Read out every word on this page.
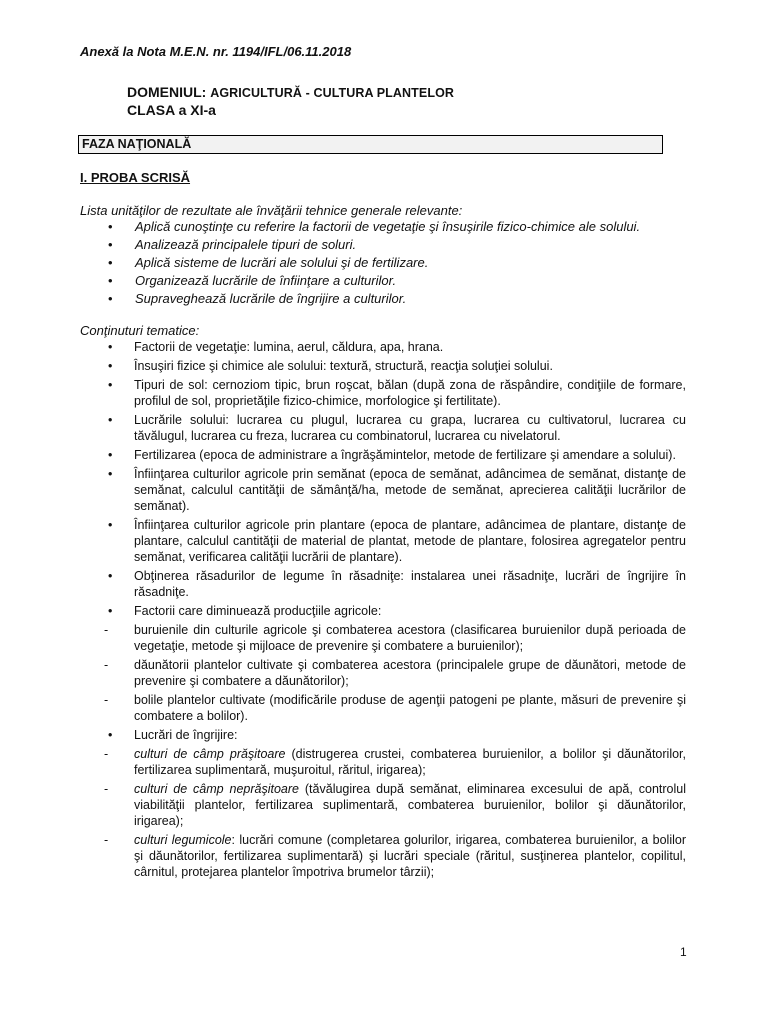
Anexă la Nota M.E.N. nr. 1194/IFL/06.11.2018
DOMENIUL: AGRICULTURĂ - CULTURA PLANTELOR
CLASA a XI-a
FAZA NAŢIONALĂ
I. PROBA SCRISĂ
Lista unităţilor de rezultate ale învăţării tehnice generale relevante:
• Aplică cunoştinţe cu referire la factorii de vegetaţie şi însuşirile fizico-chimice ale solului.
• Analizează principalele tipuri de soluri.
• Aplică sisteme de lucrări ale solului şi de fertilizare.
• Organizează lucrările de înfiinţare a culturilor.
• Supraveghează lucrările de îngrijire a culturilor.
Conţinuturi tematice:
• Factorii de vegetaţie: lumina, aerul, căldura, apa, hrana.
• Însuşiri fizice şi chimice ale solului: textură, structură, reacţia soluţiei solului.
• Tipuri de sol: cernoziom tipic, brun roşcat, bălan (după zona de răspândire, condiţiile de formare, profilul de sol, proprietăţile fizico-chimice, morfologice şi fertilitate).
• Lucrările solului: lucrarea cu plugul, lucrarea cu grapa, lucrarea cu cultivatorul, lucrarea cu tăvălugul, lucrarea cu freza, lucrarea cu combinatorul, lucrarea cu nivelatorul.
• Fertilizarea (epoca de administrare a îngrăşămintelor, metode de fertilizare şi amendare a solului).
• Înfiinţarea culturilor agricole prin semănat (epoca de semănat, adâncimea de semănat, distanţe de semănat, calculul cantităţii de sămânţă/ha, metode de semănat, aprecierea calităţii lucrărilor de semănat).
• Înfiinţarea culturilor agricole prin plantare (epoca de plantare, adâncimea de plantare, distanţe de plantare, calculul cantităţii de material de plantat, metode de plantare, folosirea agregatelor pentru semănat, verificarea calităţii lucrării de plantare).
• Obţinerea răsadurilor de legume în răsadniţe: instalarea unei răsadniţe, lucrări de îngrijire în răsadniţe.
• Factorii care diminuează producţiile agricole:
- buruienile din culturile agricole şi combaterea acestora (clasificarea buruienilor după perioada de vegetaţie, metode şi mijloace de prevenire şi combatere a buruienilor);
- dăunătorii plantelor cultivate şi combaterea acestora (principalele grupe de dăunători, metode de prevenire şi combatere a dăunătorilor);
- bolile plantelor cultivate (modificările produse de agenţii patogeni pe plante, măsuri de prevenire şi combatere a bolilor).
• Lucrări de îngrijire:
- culturi de câmp prăşitoare (distrugerea crustei, combaterea buruienilor, a bolilor şi dăunătorilor, fertilizarea suplimentară, muşuroitul, răritul, irigarea);
- culturi de câmp neprăşitoare (tăvălugirea după semănat, eliminarea excesului de apă, controlul viabilităţii plantelor, fertilizarea suplimentară, combaterea buruienilor, bolilor şi dăunătorilor, irigarea);
- culturi legumicole: lucrări comune (completarea golurilor, irigarea, combaterea buruienilor, a bolilor şi dăunătorilor, fertilizarea suplimentară) şi lucrări speciale (răritul, susţinerea plantelor, copilitul, cârnitul, protejarea plantelor împotriva brumelor târzii);
1
